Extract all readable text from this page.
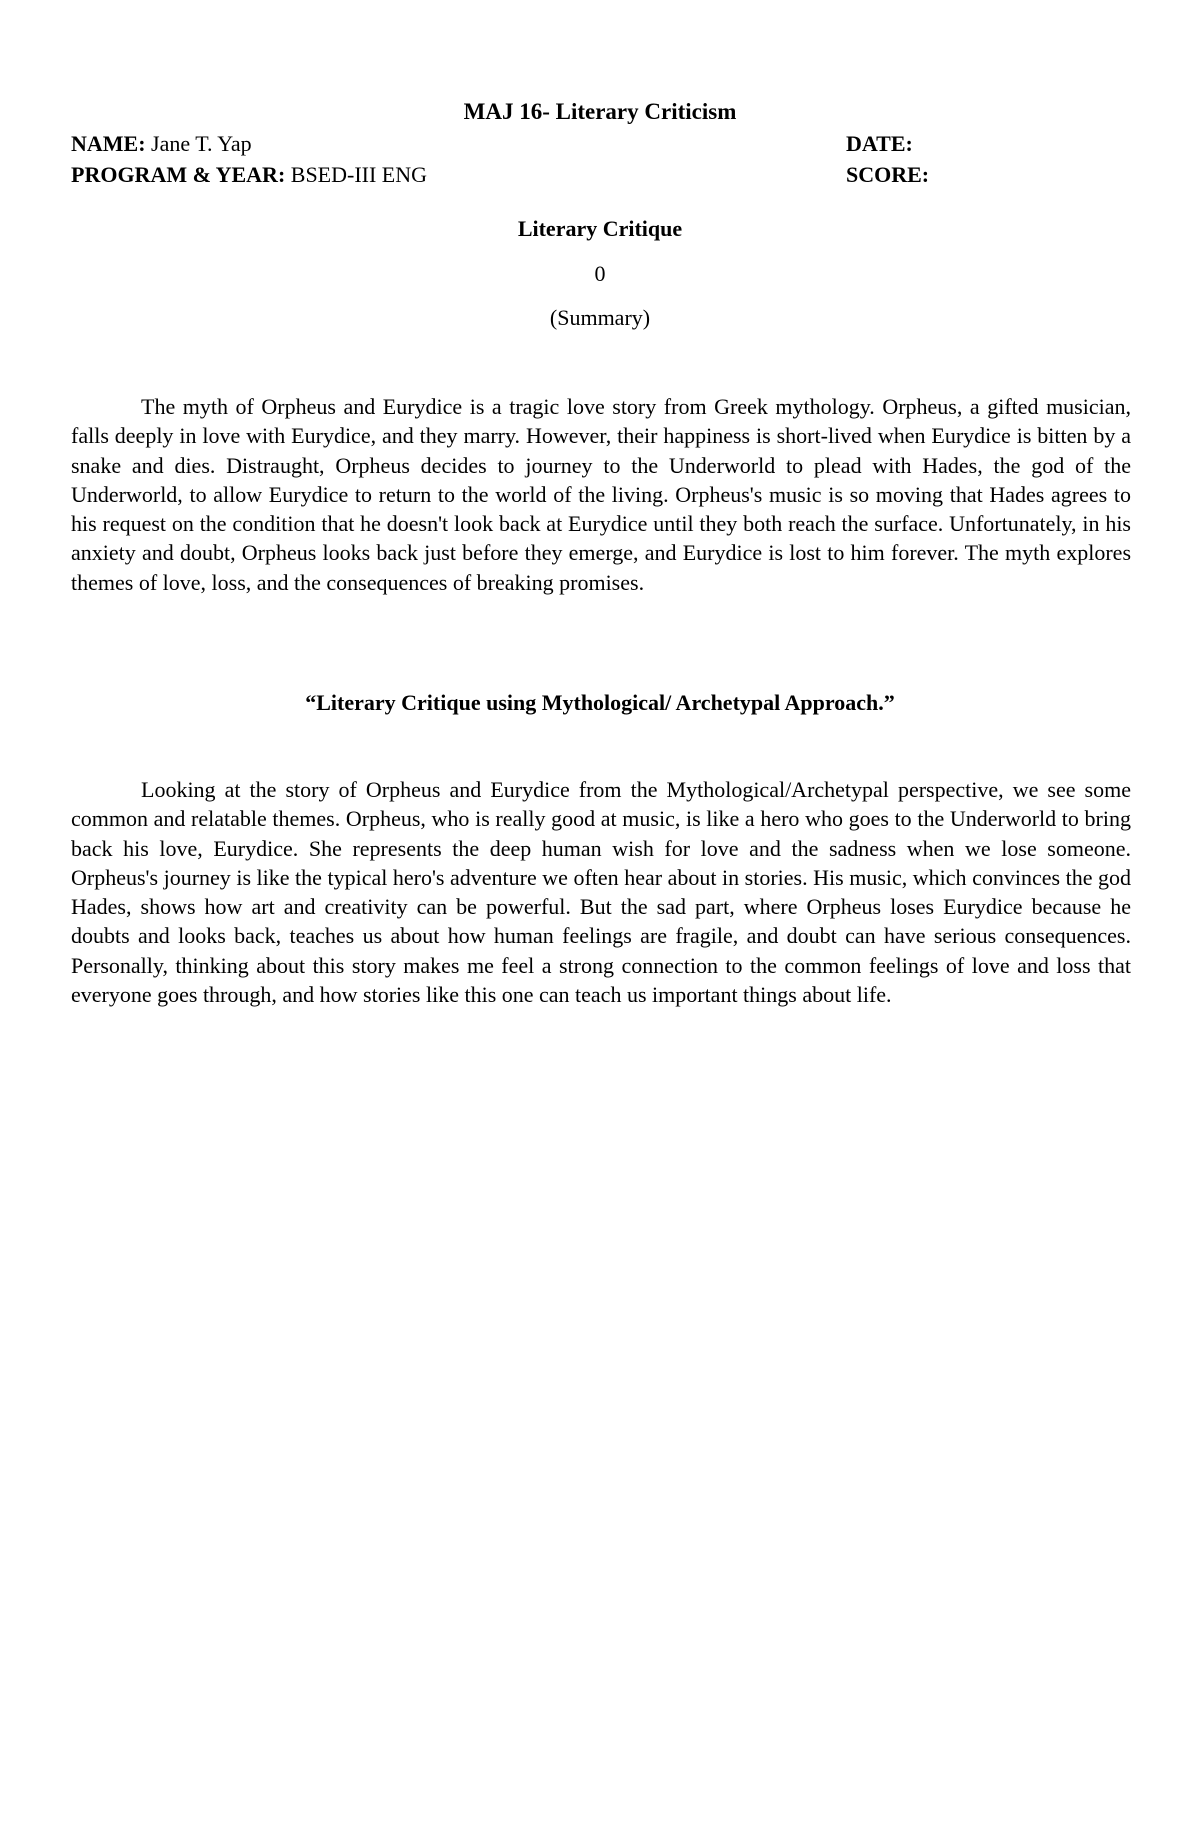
MAJ 16- Literary Criticism
NAME: Jane T. Yap	DATE:
PROGRAM & YEAR: BSED-III ENG	SCORE:
Literary Critique
0
(Summary)

The myth of Orpheus and Eurydice is a tragic love story from Greek mythology. Orpheus, a gifted musician, falls deeply in love with Eurydice, and they marry. However, their happiness is short-lived when Eurydice is bitten by a snake and dies. Distraught, Orpheus decides to journey to the Underworld to plead with Hades, the god of the Underworld, to allow Eurydice to return to the world of the living. Orpheus's music is so moving that Hades agrees to his request on the condition that he doesn't look back at Eurydice until they both reach the surface. Unfortunately, in his anxiety and doubt, Orpheus looks back just before they emerge, and Eurydice is lost to him forever. The myth explores themes of love, loss, and the consequences of breaking promises.

“Literary Critique using Mythological/ Archetypal Approach.”

Looking at the story of Orpheus and Eurydice from the Mythological/Archetypal perspective, we see some common and relatable themes. Orpheus, who is really good at music, is like a hero who goes to the Underworld to bring back his love, Eurydice. She represents the deep human wish for love and the sadness when we lose someone. Orpheus's journey is like the typical hero's adventure we often hear about in stories. His music, which convinces the god Hades, shows how art and creativity can be powerful. But the sad part, where Orpheus loses Eurydice because he doubts and looks back, teaches us about how human feelings are fragile, and doubt can have serious consequences. Personally, thinking about this story makes me feel a strong connection to the common feelings of love and loss that everyone goes through, and how stories like this one can teach us important things about life.
